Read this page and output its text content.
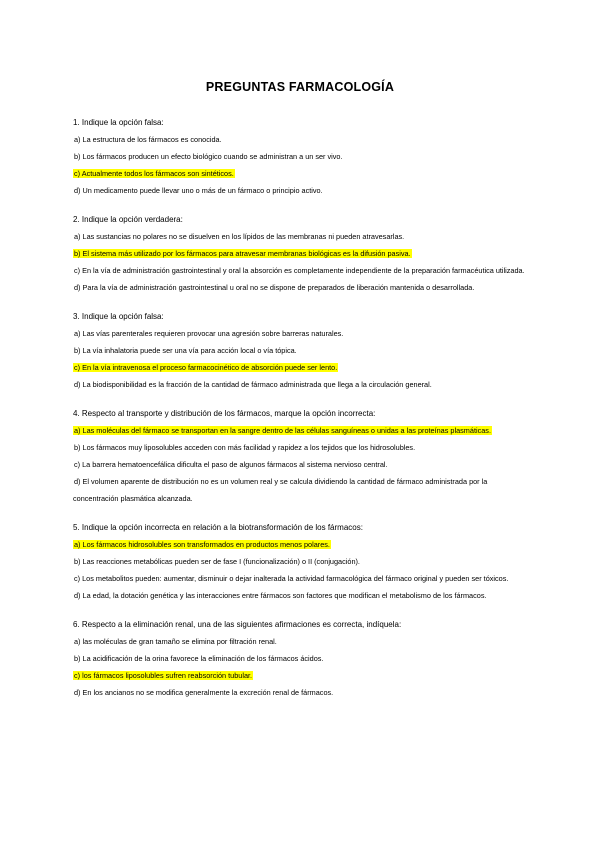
PREGUNTAS FARMACOLOGÍA

1. Indique la opción falsa:

a) La estructura de los fármacos es conocida.

b) Los fármacos producen un efecto biológico cuando se administran a un ser vivo.

c) Actualmente todos los fármacos son sintéticos.

d) Un medicamento puede llevar uno o más de un fármaco o principio activo.

2. Indique la opción verdadera:

a) Las sustancias no polares no se disuelven en los lípidos de las membranas ni pueden atravesarlas.

b) El sistema más utilizado por los fármacos para atravesar membranas biológicas es la difusión pasiva.

c) En la vía de administración gastrointestinal y oral la absorción es completamente independiente de la preparación farmacéutica utilizada.

d) Para la vía de administración gastrointestinal u oral no se dispone de preparados de liberación mantenida o desarrollada.

3. Indique la opción falsa:

a) Las vías parenterales requieren provocar una agresión sobre barreras naturales.

b) La vía inhalatoria puede ser una vía para acción local o vía tópica.

c) En la vía intravenosa el proceso farmacocinético de absorción puede ser lento.

d) La biodisponibilidad es la fracción de la cantidad de fármaco administrada que llega a la circulación general.

4. Respecto al transporte y distribución de los fármacos, marque la opción incorrecta:

a) Las moléculas del fármaco se transportan en la sangre dentro de las células sanguíneas o unidas a las proteínas plasmáticas.

b) Los fármacos muy liposolubles acceden con más facilidad y rapidez a los tejidos que los hidrosolubles.

c) La barrera hematoencefálica dificulta el paso de algunos fármacos al sistema nervioso central.

d) El volumen aparente de distribución no es un volumen real y se calcula dividiendo la cantidad de fármaco administrada por la concentración plasmática alcanzada.

5. Indique la opción incorrecta en relación a la biotransformación de los fármacos:

a) Los fármacos hidrosolubles son transformados en productos menos polares.

b) Las reacciones metabólicas pueden ser de fase I (funcionalización) o II (conjugación).

c) Los metabolitos pueden: aumentar, disminuir o dejar inalterada la actividad farmacológica del fármaco original y pueden ser tóxicos.

d) La edad, la dotación genética y las interacciones entre fármacos son factores que modifican el metabolismo de los fármacos.

6. Respecto a la eliminación renal, una de las siguientes afirmaciones es correcta, indíquela:

a) las moléculas de gran tamaño se elimina por filtración renal.

b) La acidificación de la orina favorece la eliminación de los fármacos ácidos.

c) los fármacos liposolubles sufren reabsorción tubular.

d) En los ancianos no se modifica generalmente la excreción renal de fármacos.
